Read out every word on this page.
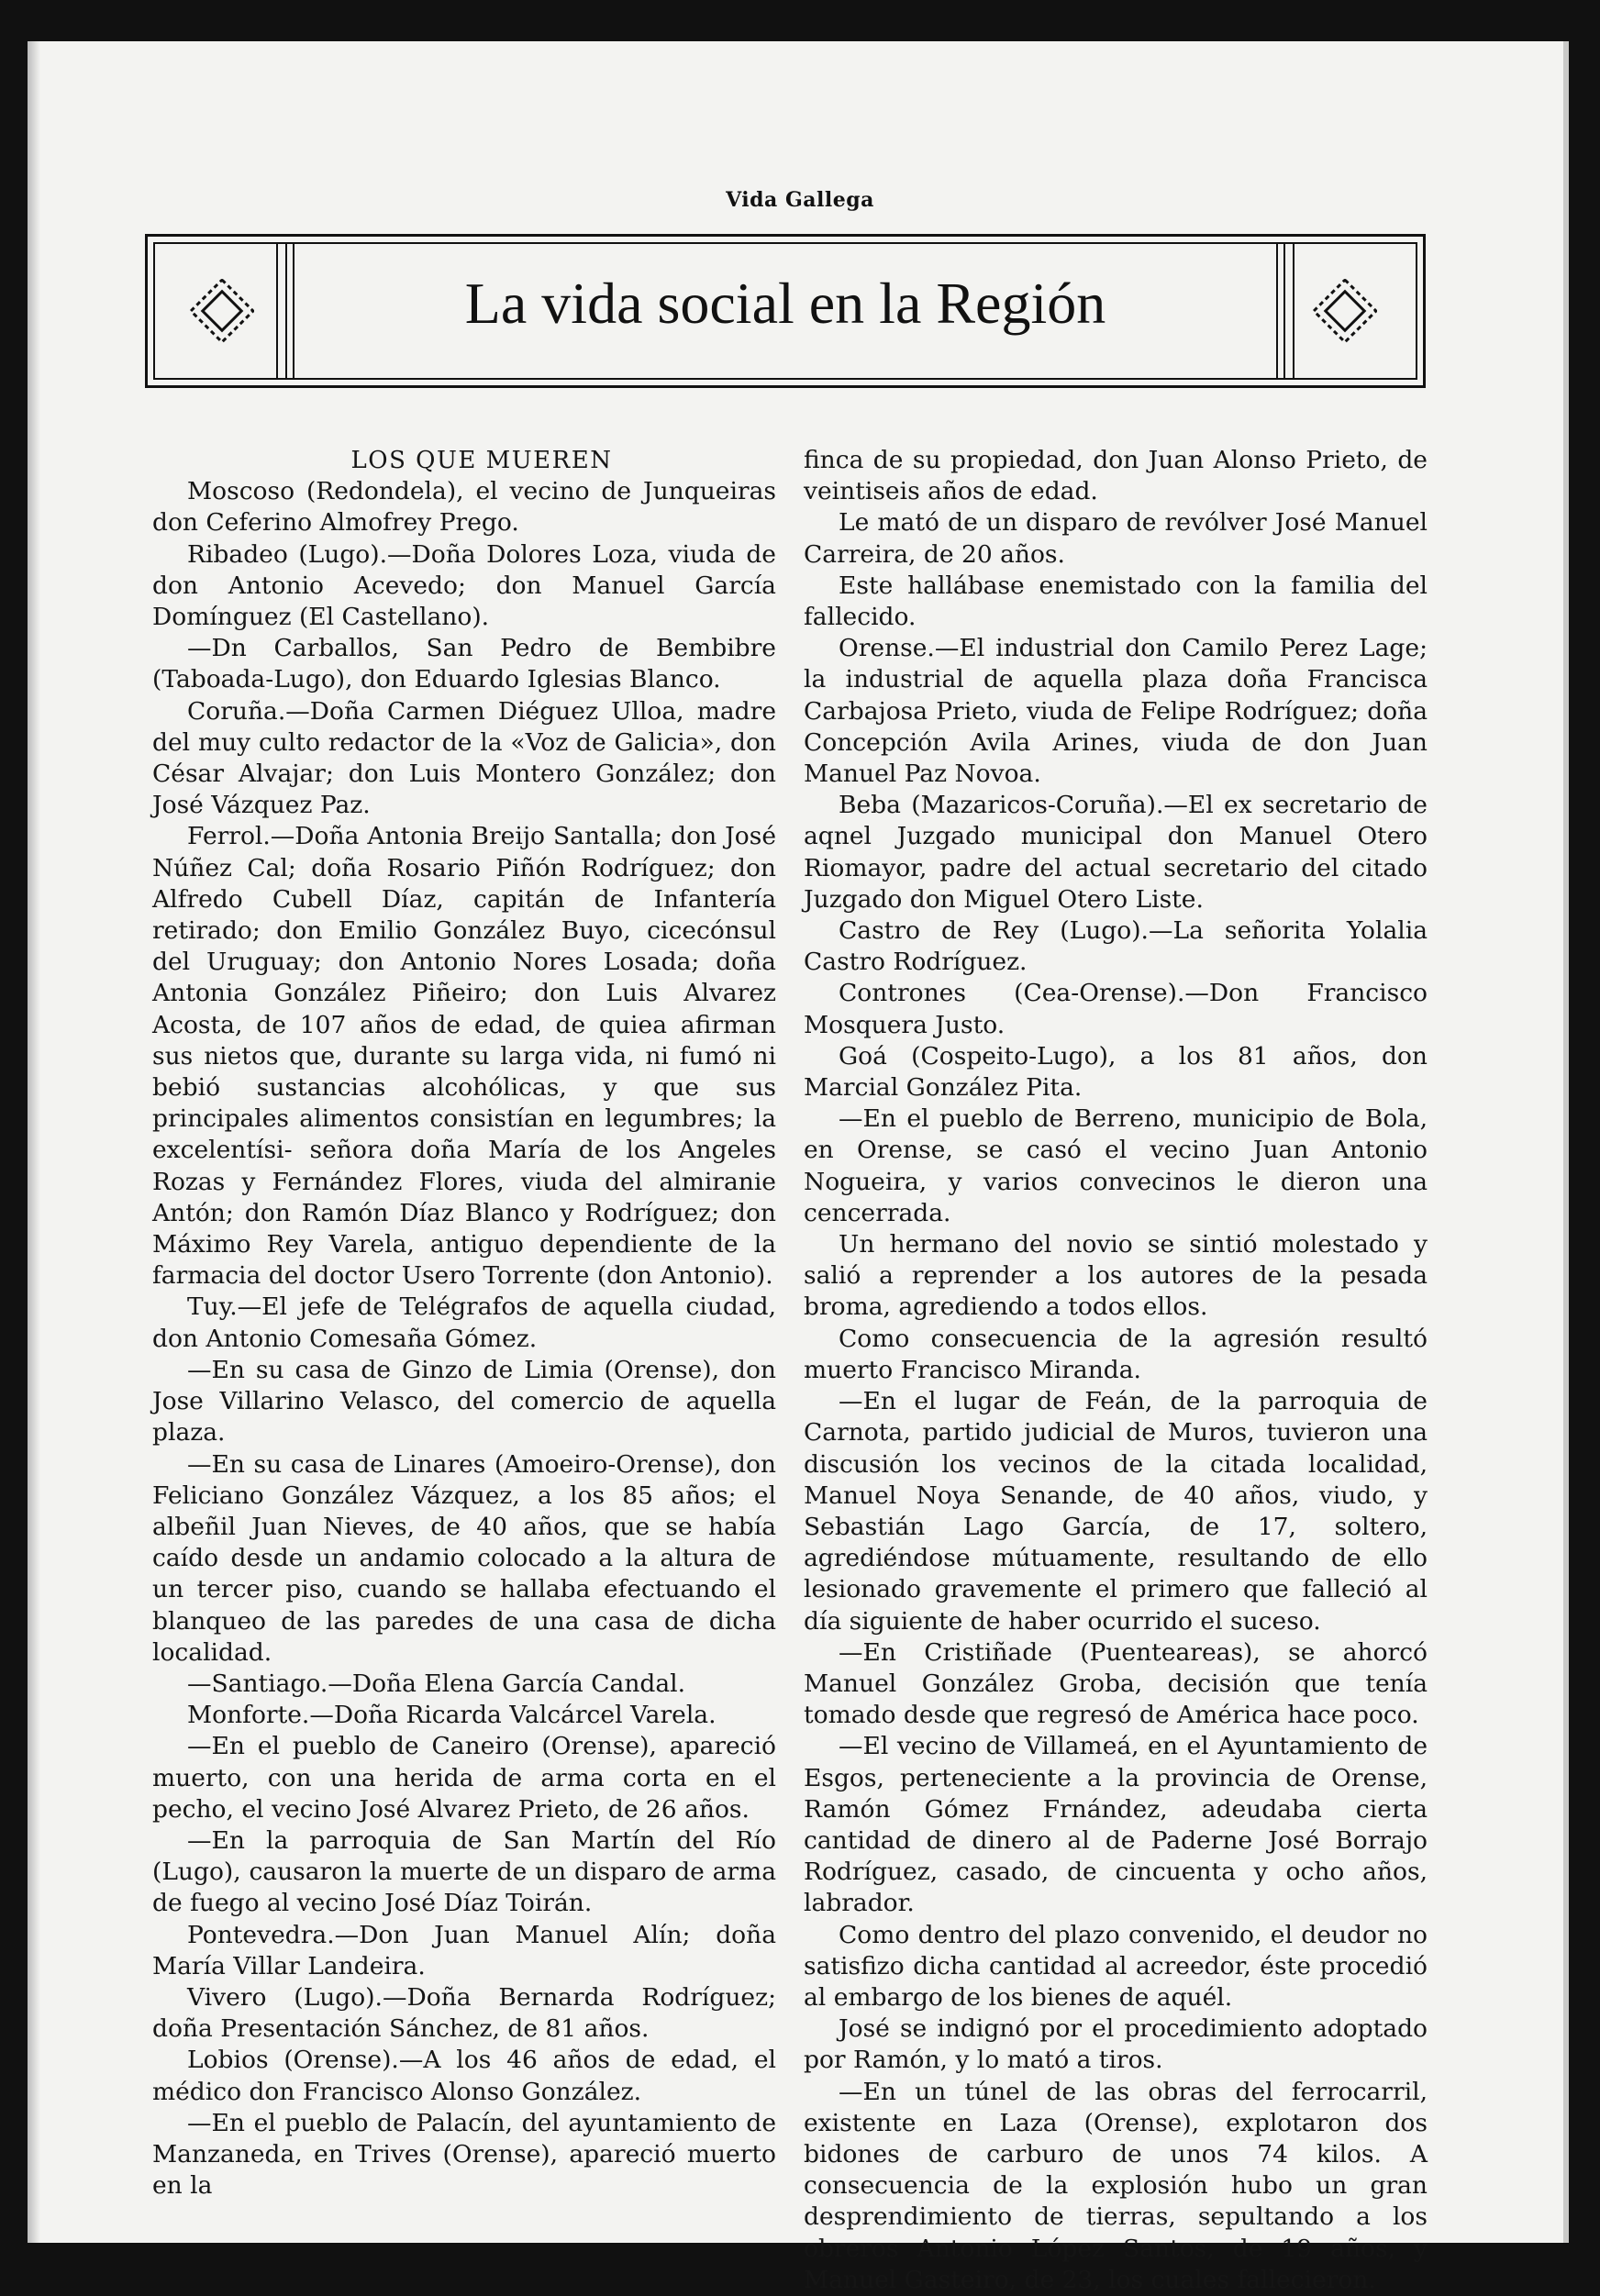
Vida Gallega
La vida social en la Región

LOS QUE MUEREN

Moscoso (Redondela), el vecino de Junqueiras don Ceferino Almofrey Prego.

Ribadeo (Lugo).—Doña Dolores Loza, viuda de don Antonio Acevedo; don Manuel García Domínguez (El Castellano).

—Dn Carballos, San Pedro de Bembibre (Taboada-Lugo), don Eduardo Iglesias Blanco.

Coruña.—Doña Carmen Diéguez Ulloa, madre del muy culto redactor de la «Voz de Galicia», don César Alvajar; don Luis Montero González; don José Vázquez Paz.

Ferrol.—Doña Antonia Breijo Santalla; don José Núñez Cal; doña Rosario Piñón Rodríguez; don Alfredo Cubell Díaz, capitán de Infantería retirado; don Emilio González Buyo, cicecónsul del Uruguay; don Antonio Nores Losada; doña Antonia González Piñeiro; don Luis Alvarez Acosta, de 107 años de edad, de quiea afirman sus nietos que, durante su larga vida, ni fumó ni bebió sustancias alcohólicas, y que sus principales alimentos consistían en legumbres; la excelentísi- señora doña María de los Angeles Rozas y Fernández Flores, viuda del almiranie Antón; don Ramón Díaz Blanco y Rodríguez; don Máximo Rey Varela, antiguo dependiente de la farmacia del doctor Usero Torrente (don Antonio).

Tuy.—El jefe de Telégrafos de aquella ciudad, don Antonio Comesaña Gómez.

—En su casa de Ginzo de Limia (Orense), don Jose Villarino Velasco, del comercio de aquella plaza.

—En su casa de Linares (Amoeiro-Orense), don Feliciano González Vázquez, a los 85 años; el albeñil Juan Nieves, de 40 años, que se había caído desde un andamio colocado a la altura de un tercer piso, cuando se hallaba efectuando el blanqueo de las paredes de una casa de dicha localidad.

—Santiago.—Doña Elena García Candal.

Monforte.—Doña Ricarda Valcárcel Varela.

—En el pueblo de Caneiro (Orense), apareció muerto, con una herida de arma corta en el pecho, el vecino José Alvarez Prieto, de 26 años.

—En la parroquia de San Martín del Río (Lugo), causaron la muerte de un disparo de arma de fuego al vecino José Díaz Toirán.

Pontevedra.—Don Juan Manuel Alín; doña María Villar Landeira.

Vivero (Lugo).—Doña Bernarda Rodríguez; doña Presentación Sánchez, de 81 años.

Lobios (Orense).—A los 46 años de edad, el médico don Francisco Alonso González.

—En el pueblo de Palacín, del ayuntamiento de Manzaneda, en Trives (Orense), apareció muerto en la

finca de su propiedad, don Juan Alonso Prieto, de veintiseis años de edad.

Le mató de un disparo de revólver José Manuel Carreira, de 20 años.

Este hallábase enemistado con la familia del fallecido.

Orense.—El industrial don Camilo Perez Lage; la industrial de aquella plaza doña Francisca Carbajosa Prieto, viuda de Felipe Rodríguez; doña Concepción Avila Arines, viuda de don Juan Manuel Paz Novoa.

Beba (Mazaricos-Coruña).—El ex secretario de aqnel Juzgado municipal don Manuel Otero Riomayor, padre del actual secretario del citado Juzgado don Miguel Otero Liste.

Castro de Rey (Lugo).—La señorita Yolalia Castro Rodríguez.

Contrones (Cea-Orense).—Don Francisco Mosquera Justo.

Goá (Cospeito-Lugo), a los 81 años, don Marcial González Pita.

—En el pueblo de Berreno, municipio de Bola, en Orense, se casó el vecino Juan Antonio Nogueira, y varios convecinos le dieron una cencerrada.

Un hermano del novio se sintió molestado y salió a reprender a los autores de la pesada broma, agrediendo a todos ellos.

Como consecuencia de la agresión resultó muerto Francisco Miranda.

—En el lugar de Feán, de la parroquia de Carnota, partido judicial de Muros, tuvieron una discusión los vecinos de la citada localidad, Manuel Noya Senande, de 40 años, viudo, y Sebastián Lago García, de 17, soltero, agrediéndose mútuamente, resultando de ello lesionado gravemente el primero que falleció al día siguiente de haber ocurrido el suceso.

—En Cristiñade (Puenteareas), se ahorcó Manuel González Groba, decisión que tenía tomado desde que regresó de América hace poco.

—El vecino de Villameá, en el Ayuntamiento de Esgos, perteneciente a la provincia de Orense, Ramón Gómez Frnández, adeudaba cierta cantidad de dinero al de Paderne José Borrajo Rodríguez, casado, de cincuenta y ocho años, labrador.

Como dentro del plazo convenido, el deudor no satisfizo dicha cantidad al acreedor, éste procedió al embargo de los bienes de aquél.

José se indignó por el procedimiento adoptado por Ramón, y lo mató a tiros.

—En un túnel de las obras del ferrocarril, existente en Laza (Orense), explotaron dos bidones de carburo de unos 74 kilos. A consecuencia de la explosión hubo un gran desprendimiento de tierras, sepultando a los obreros Antonio López Santos, de 19 años, y Manuel Gasteiro, de 23, los cuales fallecieron.
